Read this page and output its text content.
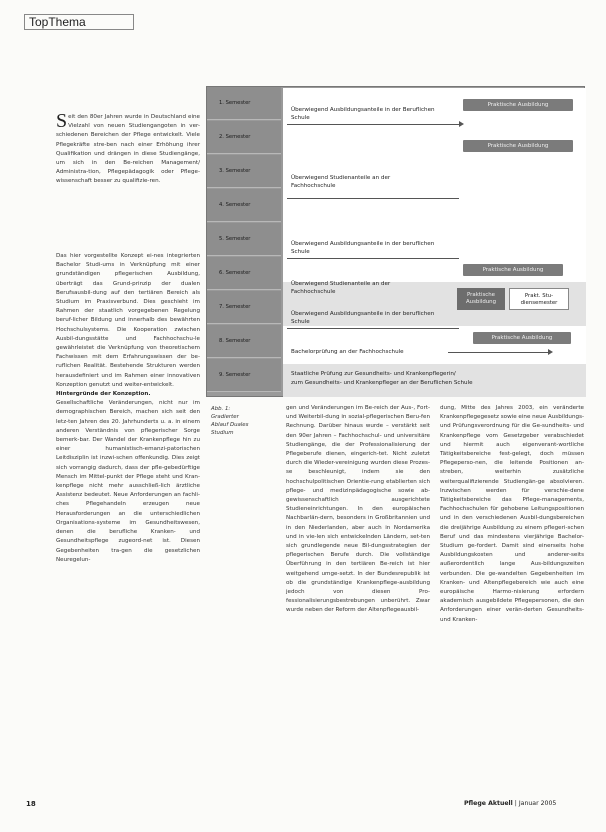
TopThema

Seit den 80er Jahren wurde in Deutschland eine Vielzahl von neuen Studiengangoten in ver-schiedenen Bereichen der Pflege entwickelt. Viele Pflegekräfte stre-ben nach einer Erhöhung ihrer Qualifikation und drängen in diese Studiengänge, um sich in den Be-reichen Management/ Administra-tion, Pflegepädagogik oder Pflege-wissenschaft besser zu qualifizie-ren.

Das hier vorgestellte Konzept ei-nes integrierten Bachelor Studi-ums in Verknüpfung mit einer grundständigen pflegerischen Ausbildung, überträgt das Grund-prinzip der dualen Berufsausbil-dung auf den tertiären Bereich als Studium im Praxisverbund. Dies geschieht im Rahmen der staatlich vorgegebenen Regelung beruf-licher Bildung und innerhalb des bewährten Hochschulsystems. Die Kooperation zwischen Ausbil-dungsstätte und Fachhochschu-le gewährleistet die Verknüpfung von theoretischem Fachwissen mit dem Erfahrungswissen der be-ruflichen Realität. Bestehende Strukturen werden herausdefiniert und im Rahmen einer innovativen Konzeption genutzt und weiter-entwickelt.

Hintergründe der Konzeption.

Gesellschaftliche Veränderungen, nicht nur im demographischen Bereich, machen sich seit den letz-ten Jahren des 20. Jahrhunderts u. a. in einem anderen Verständnis von pflegerischer Sorge bemerk-bar. Der Wandel der Krankenpflege hin zu einer humanistisch-emanzi-patorischen Leitdisziplin ist inzwi-schen offenkundig. Dies zeigt sich vorrangig dadurch, dass der pfle-gebedürftige Mensch im Mittel-punkt der Pflege steht und Kran-kenpflege nicht mehr ausschließ-lich ärztliche Assistenz bedeutet. Neue Anforderungen an fachli-ches Pflegehandeln erzeugen neue Herausforderungen an die unterschiedlichen Organisations-systeme im Gesundheitswesen, denen die berufliche Kranken- und Gesundheitspflege zugeord-net ist. Diesen Gegebenheiten tra-gen die gesetzlichen Neuregelun-

1. Semester
2. Semester
3. Semester
4. Semester
5. Semester
6. Semester
7. Semester
8. Semester
9. Semester
Überwiegend Ausbildungsanteile in der Beruflichen Schule
Praktische Ausbildung
Praktische Ausbildung
Überwiegend Studienanteile an der Fachhochschule
Überwiegend Ausbildungsanteile in der beruflichen Schule
Praktische Ausbildung
Überwiegend Studienanteile an der Fachhochschule	Praktische
Ausbildung
Prakt. Stu-
diensemester
Überwiegend Ausbildungsanteile in der beruflichen Schule
Praktische Ausbildung
Bachelorprüfung an der Fachhochschule
Staatliche Prüfung zur Gesundheits- und Krankenpflegerin/
zum Gesundheits- und Krankenpfleger an der Beruflichen Schule
Abb. 1:
Gradierter
Ablauf Duales
Studium

gen und Veränderungen im Be-reich der Aus-, Fort- und Weiterbil-dung in sozial-pflegerischen Beru-fen Rechnung. Darüber hinaus wurde – verstärkt seit den 90er Jahren – Fachhochschul- und universitäre Studiengänge, die der Professionalisierung der Pflegeberufe dienen, eingerich-tet. Nicht zuletzt durch die Wieder-vereinigung wurden diese Prozes-se beschleunigt, indem sie den hochschulpolitischen Orientie-rung etablierten sich pflege- und medizinpädagogische sowie ab-gewissenschaftlich ausgerichtete Studieneinrichtungen. In den europäischen Nachbarlän-dern, besonders in Großbritannien und in den Niederlanden, aber auch in Nordamerika und in vie-len sich entwickelnden Ländern, set-ten sich grundlegende neue Bil-dungsstrategien der pflegerischen Berufe durch. Die vollständige Überführung in den tertiären Be-reich ist hier weitgehend umge-setzt. In der Bundesrepublik ist ob die grundständige Krankenpflege-ausbildung jedoch von diesen Pro-fessionalisierungsbestrebungen unberührt. Zwar wurde neben der Reform der Altenpflegeausbil-

dung, Mitte des Jahres 2003, ein veränderte Krankenpflegegesetz sowie eine neue Ausbildungs- und Prüfungsverordnung für die Ge-sundheits- und Krankenpflege vom Gesetzgeber verabschiedet und hiermit auch eigenverant-wortliche Tätigkeitsbereiche fest-gelegt, doch müssen Pflegeperso-nen, die leitende Positionen an-streben, weiterhin zusätzliche weiterqualifizierende Studiengän-ge absolvieren. Inzwischen werden für verschie-dene Tätigkeitsbereiche das Pflege-managements, Fachhochschulen für gehobene Leitungspositionen und in den verschiedenen Ausbil-dungsbereichen die dreijährige Ausbildung zu einem pflegeri-schen Beruf und das mindestens vierjährige Bachelor-Studium ge-fordert. Damit sind einerseits hohe Ausbildungskosten und anderer-seits außerordentlich lange Aus-bildungszeiten verbunden. Die ge-wandelten Gegebenheiten im Kranken- und Altenpflegebereich wie auch eine europäische Harmo-nisierung erfordern akademisch ausgebildete Pflegepersonen, die den Anforderungen einer verän-derten Gesundheits- und Kranken-

18	Pflege Aktuell | Januar 2005
